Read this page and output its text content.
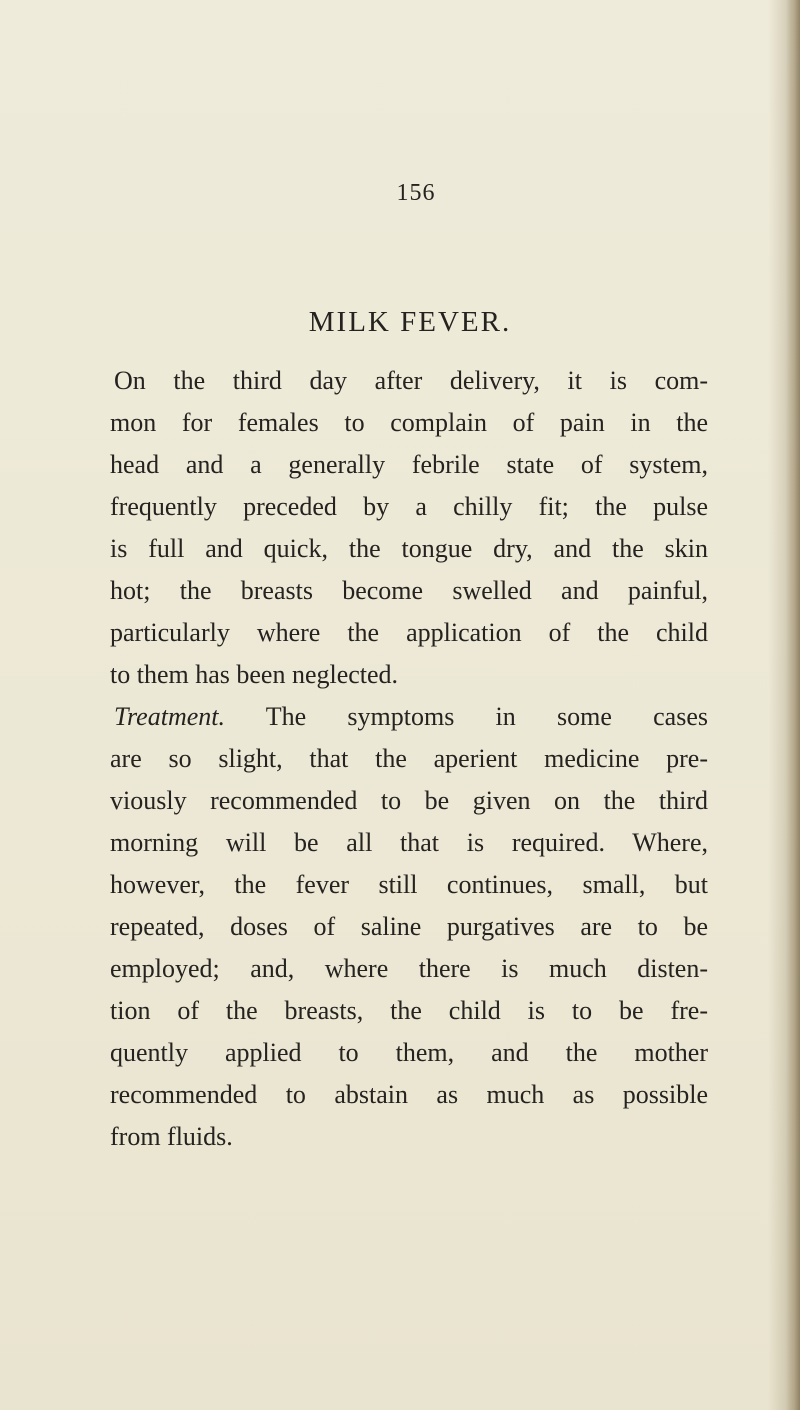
156
MILK FEVER.
On the third day after delivery, it is com-
mon for females to complain of pain in the
head and a generally febrile state of system,
frequently preceded by a chilly fit; the pulse
is full and quick, the tongue dry, and the skin
hot; the breasts become swelled and painful,
particularly where the application of the child
to them has been neglected.
Treatment. The symptoms in some cases
are so slight, that the aperient medicine pre-
viously recommended to be given on the third
morning will be all that is required. Where,
however, the fever still continues, small, but
repeated, doses of saline purgatives are to be
employed; and, where there is much disten-
tion of the breasts, the child is to be fre-
quently applied to them, and the mother
recommended to abstain as much as possible
from fluids.
